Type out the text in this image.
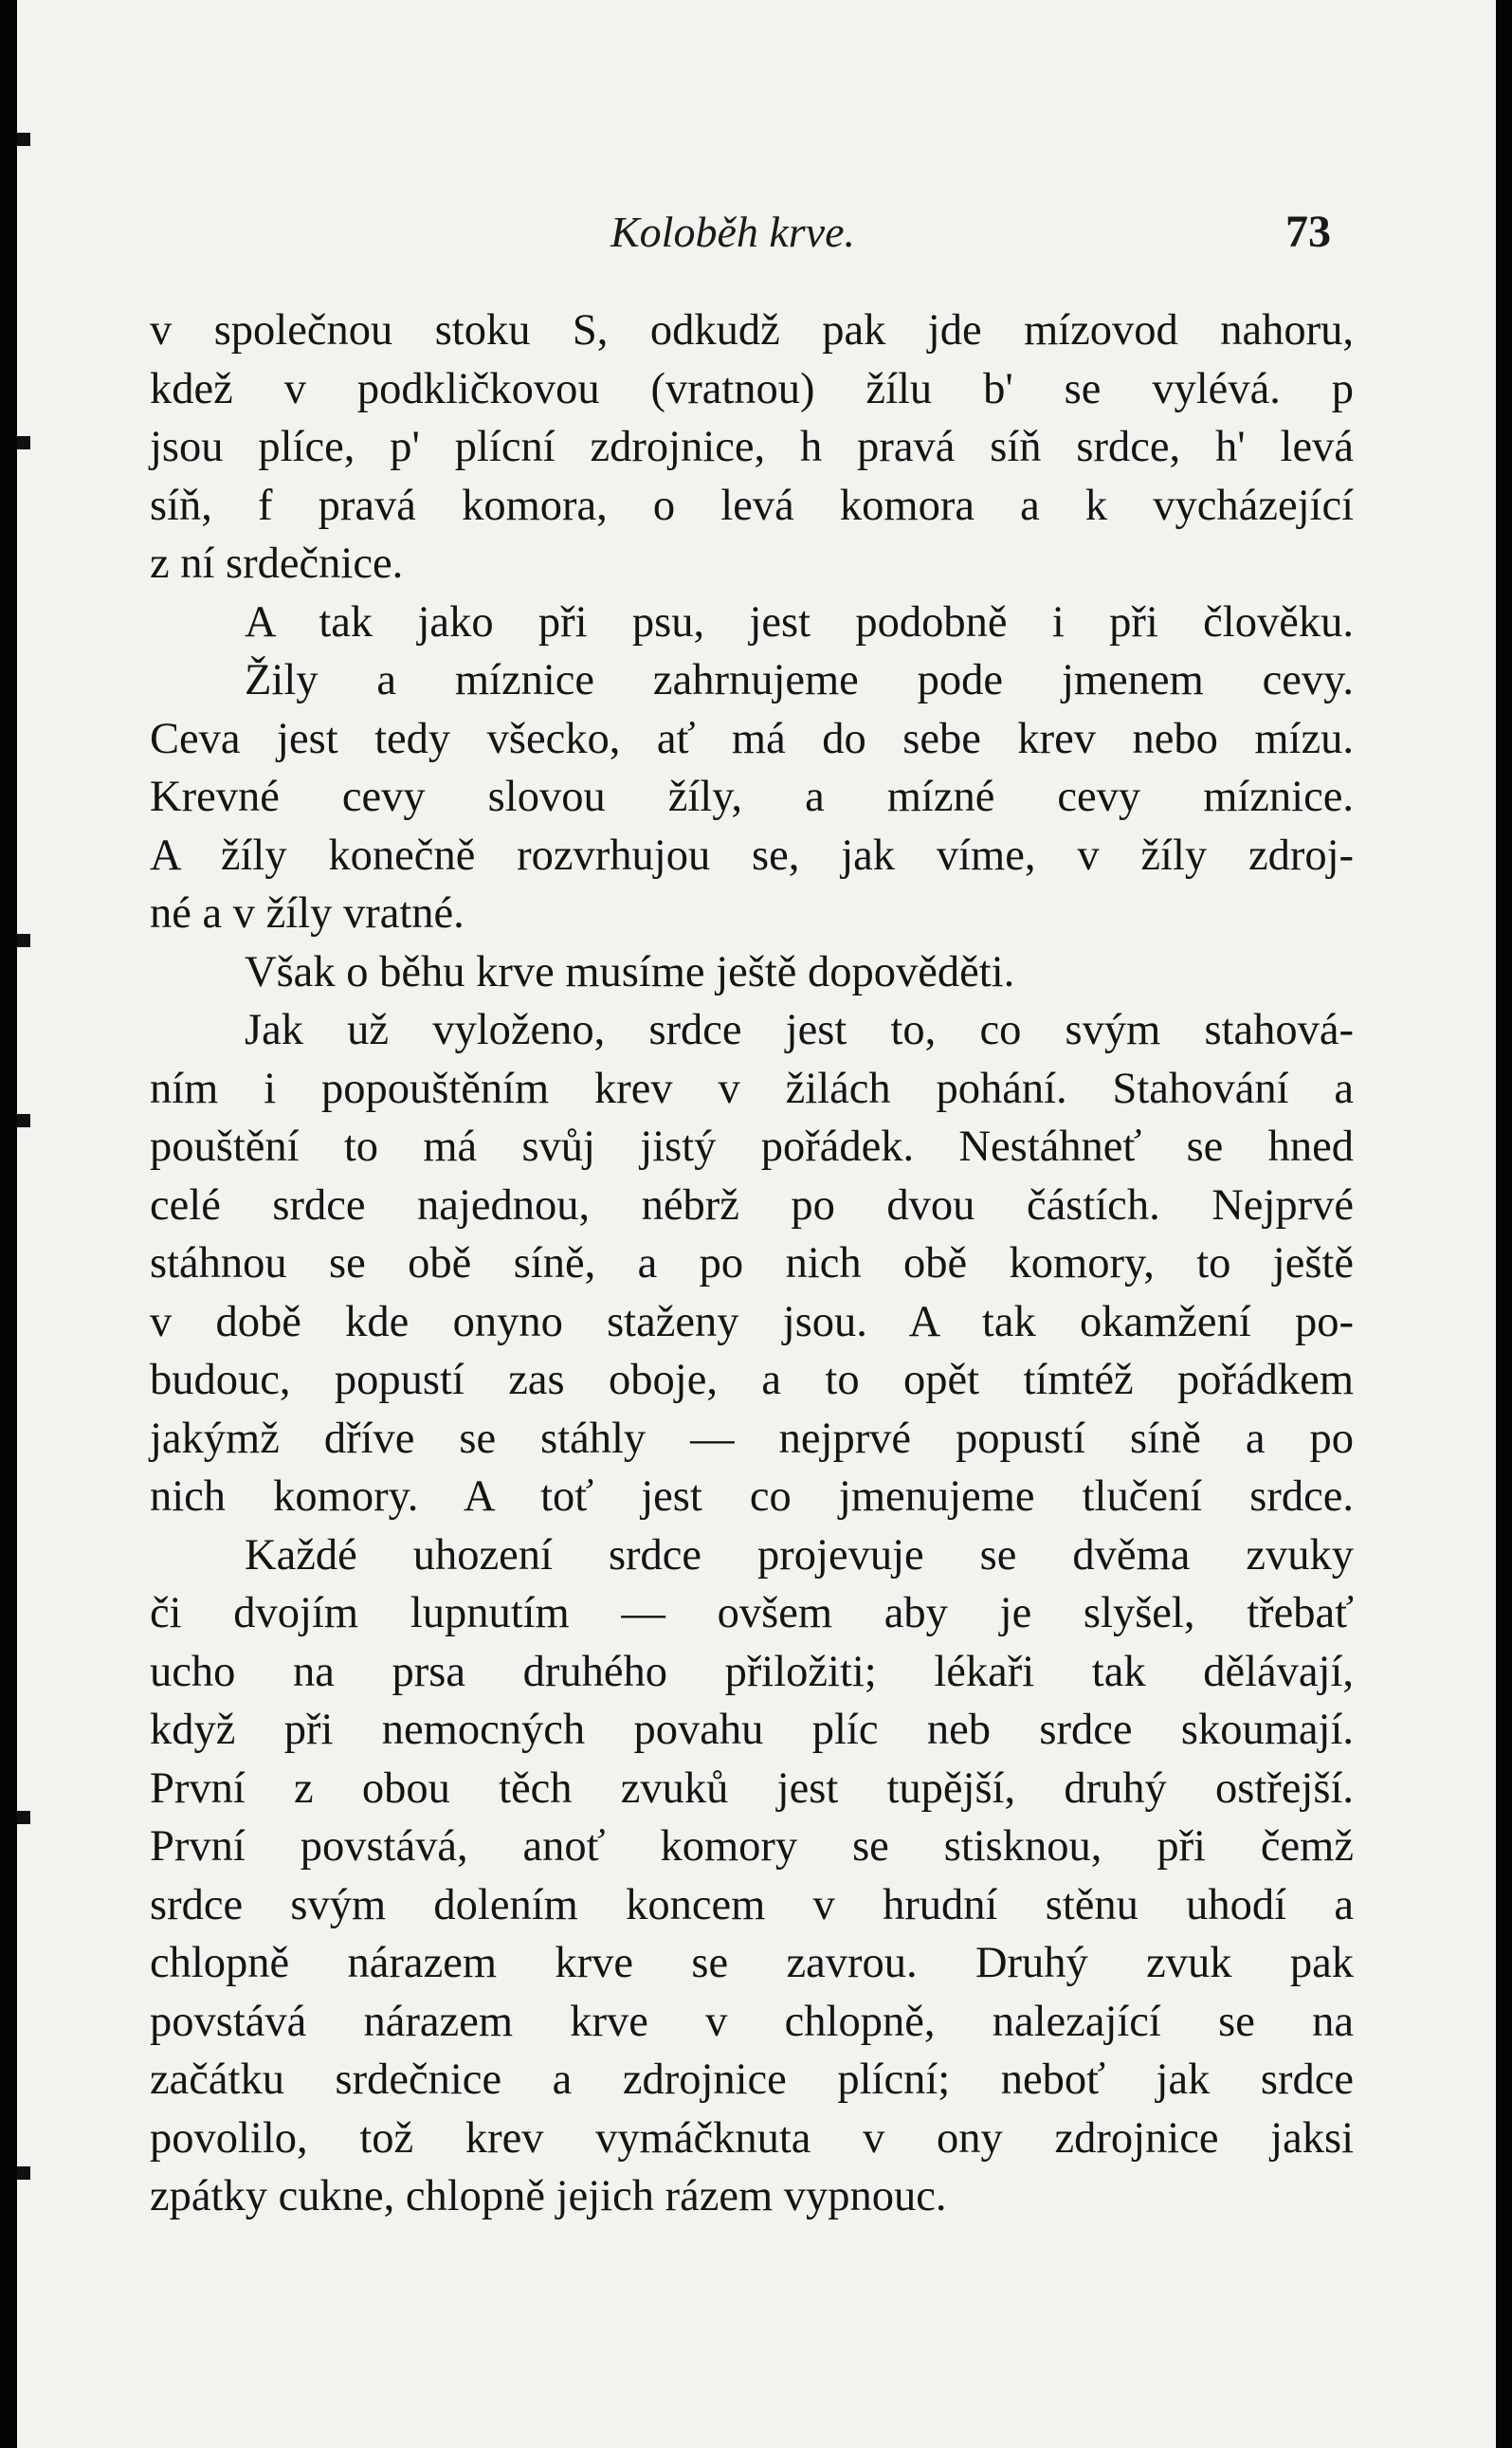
Koloběh krve.	73
v společnou stoku S, odkudž pak jde mízovod nahoru,
kdež v podkličkovou (vratnou) žílu b' se vylévá. p
jsou plíce, p' plícní zdrojnice, h pravá síň srdce, h' levá
síň, f pravá komora, o levá komora a k vycházející
z ní srdečnice.
A tak jako při psu, jest podobně i při člověku.
Žily a míznice zahrnujeme pode jmenem cevy.
Ceva jest tedy všecko, ať má do sebe krev nebo mízu.
Krevné cevy slovou žíly, a mízné cevy míznice.
A žíly konečně rozvrhujou se, jak víme, v žíly zdroj-
né a v žíly vratné.
Však o běhu krve musíme ještě dopověděti.
Jak už vyloženo, srdce jest to, co svým stahová-
ním i popouštěním krev v žilách pohání. Stahování a
pouštění to má svůj jistý pořádek. Nestáhneť se hned
celé srdce najednou, nébrž po dvou částích. Nejprvé
stáhnou se obě síně, a po nich obě komory, to ještě
v době kde onyno staženy jsou. A tak okamžení po-
budouc, popustí zas oboje, a to opět tímtéž pořádkem
jakýmž dříve se stáhly — nejprvé popustí síně a po
nich komory. A toť jest co jmenujeme tlučení srdce.
Každé uhození srdce projevuje se dvěma zvuky
či dvojím lupnutím — ovšem aby je slyšel, třebať
ucho na prsa druhého přiložiti; lékaři tak dělávají,
když při nemocných povahu plíc neb srdce skoumají.
První z obou těch zvuků jest tupější, druhý ostřejší.
První povstává, anoť komory se stisknou, při čemž
srdce svým dolením koncem v hrudní stěnu uhodí a
chlopně nárazem krve se zavrou. Druhý zvuk pak
povstává nárazem krve v chlopně, nalezající se na
začátku srdečnice a zdrojnice plícní; neboť jak srdce
povolilo, tož krev vymáčknuta v ony zdrojnice jaksi
zpátky cukne, chlopně jejich rázem vypnouc.
